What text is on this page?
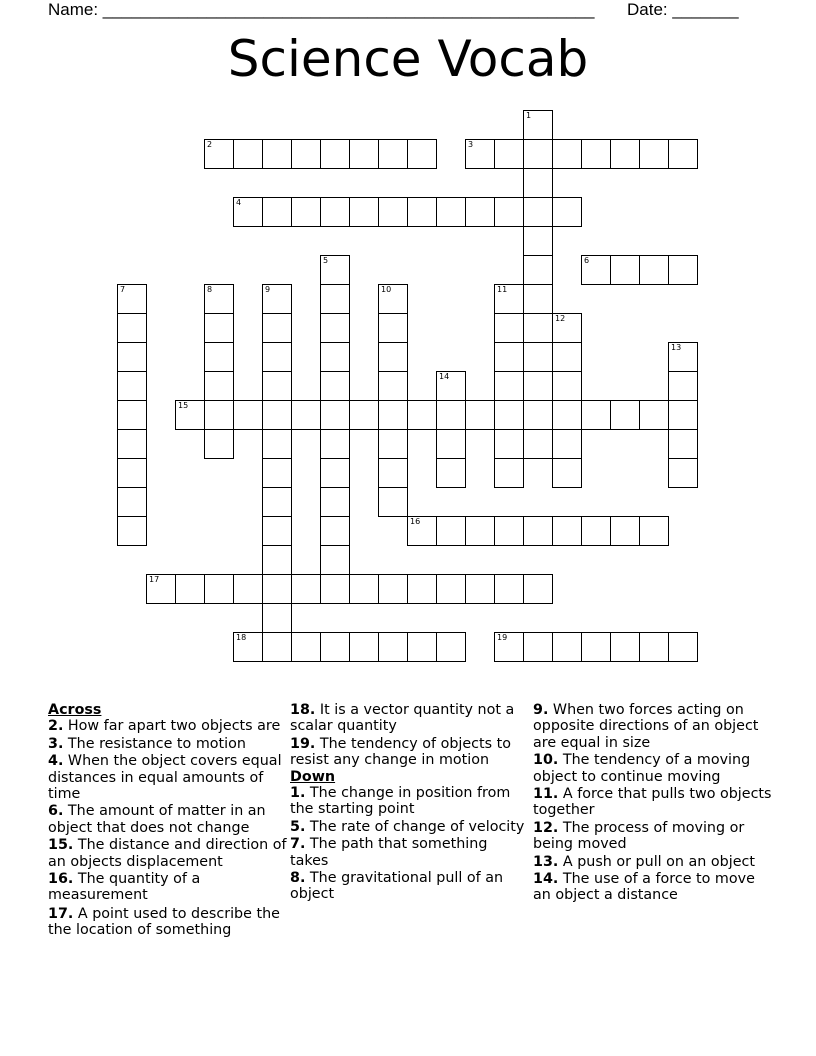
Name: ____________________________________________________ Date: _______
Science Vocab
1
2	3
4
5	6
7	8	9	10	11
12
13
14
15
16
17
18	19
Across
2. How far apart two objects are
3. The resistance to motion
4. When the object covers equal distances in equal amounts of time
6. The amount of matter in an object that does not change
15. The distance and direction of an objects displacement
16. The quantity of a measurement
17. A point used to describe the the location of something
18. It is a vector quantity not a scalar quantity
19. The tendency of objects to resist any change in motion
Down
1. The change in position from the starting point
5. The rate of change of velocity
7. The path that something takes
8. The gravitational pull of an object
9. When two forces acting on opposite directions of an object are equal in size
10. The tendency of a moving object to continue moving
11. A force that pulls two objects together
12. The process of moving or being moved
13. A push or pull on an object
14. The use of a force to move an object a distance
